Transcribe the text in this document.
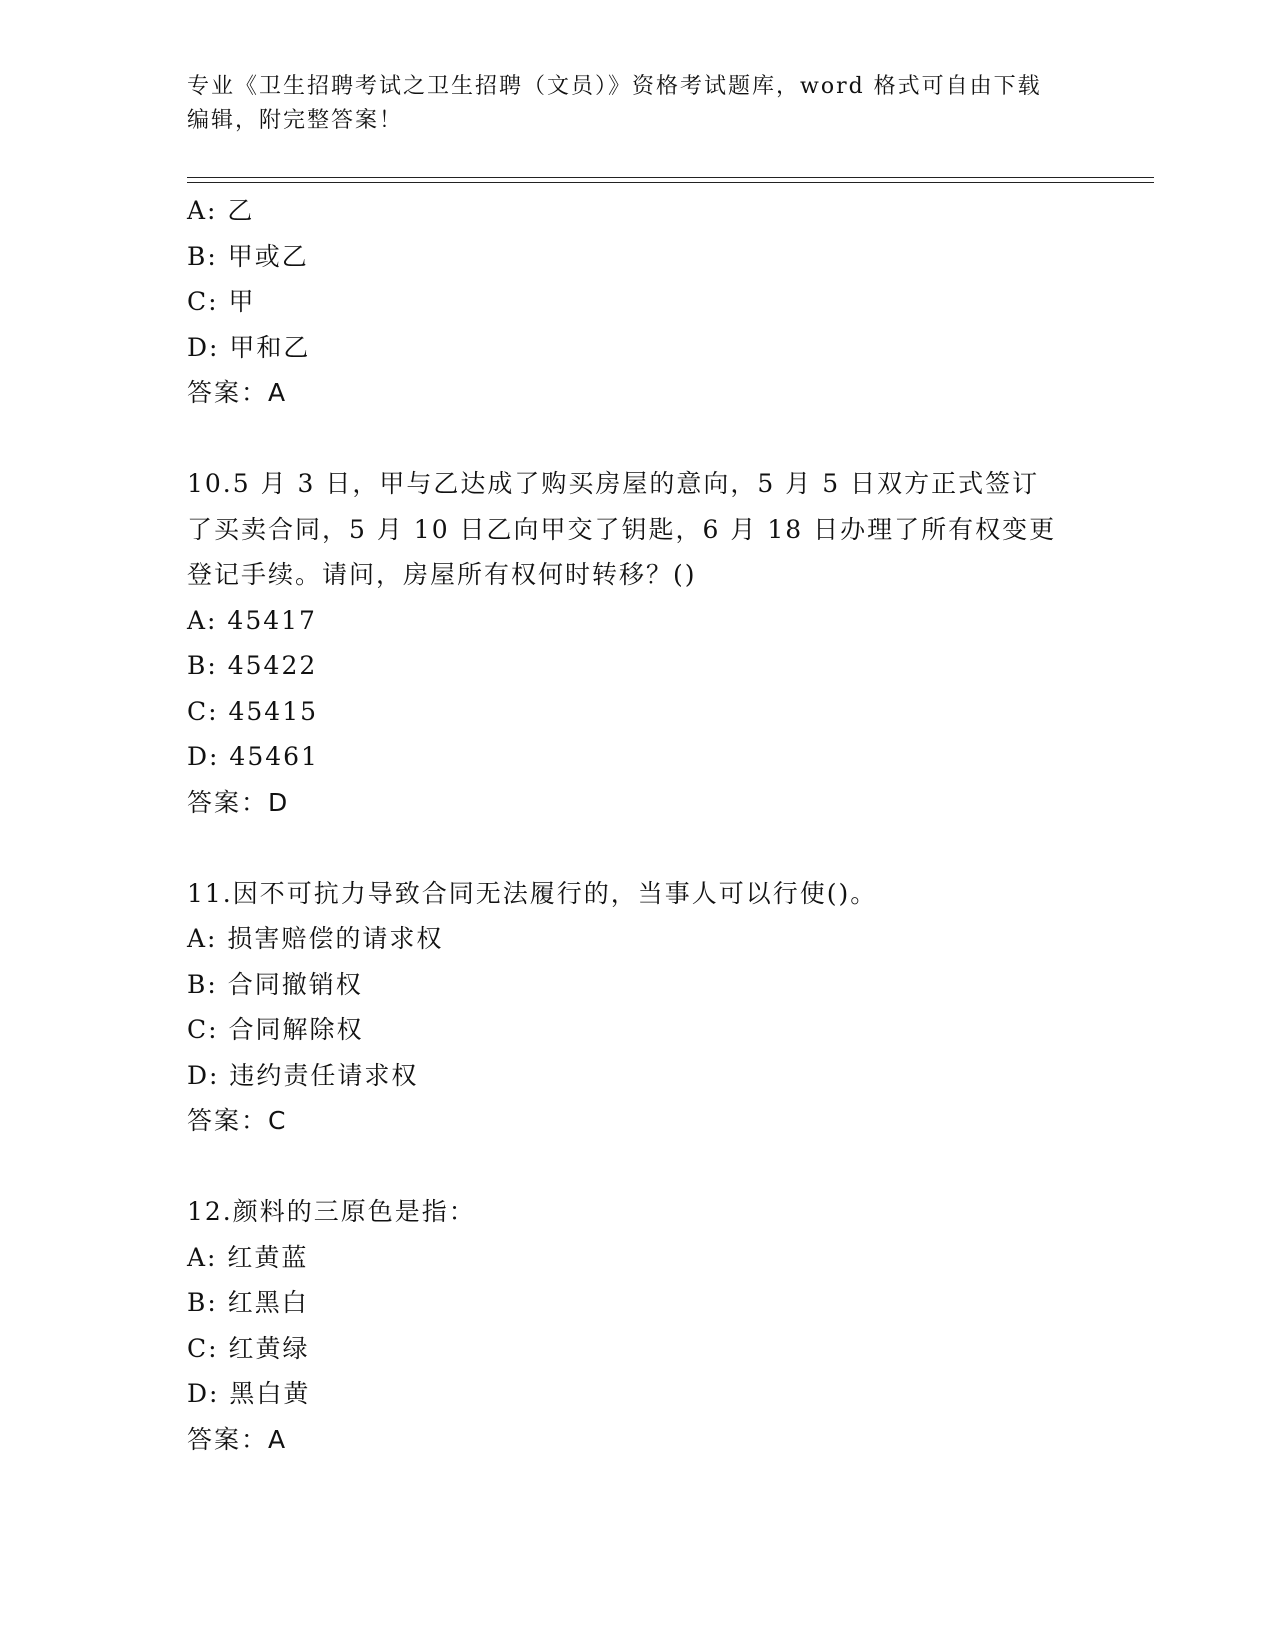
专业《卫生招聘考试之卫生招聘（文员）》资格考试题库，word 格式可自由下载
编辑，附完整答案！
A: 乙
B: 甲或乙
C: 甲
D: 甲和乙
答案：A
10.5 月 3 日，甲与乙达成了购买房屋的意向，5 月 5 日双方正式签订
了买卖合同，5 月 10 日乙向甲交了钥匙，6 月 18 日办理了所有权变更
登记手续。请问，房屋所有权何时转移？()
A: 45417
B: 45422
C: 45415
D: 45461
答案：D
11.因不可抗力导致合同无法履行的，当事人可以行使()。
A: 损害赔偿的请求权
B: 合同撤销权
C: 合同解除权
D: 违约责任请求权
答案：C
12.颜料的三原色是指：
A: 红黄蓝
B: 红黑白
C: 红黄绿
D: 黑白黄
答案：A
